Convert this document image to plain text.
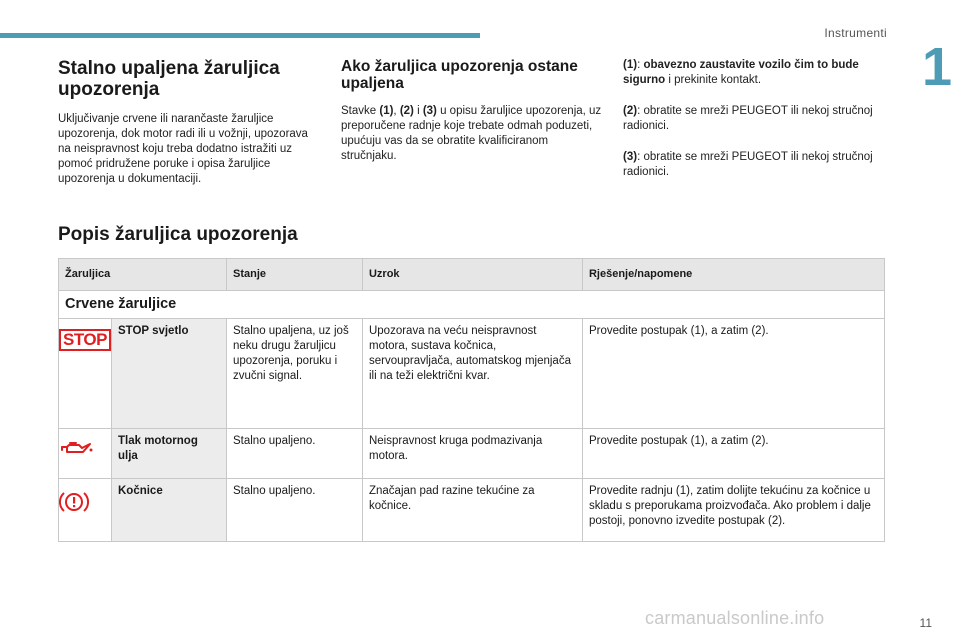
Instrumenti
1
Stalno upaljena žaruljica upozorenja

Uključivanje crvene ili narančaste žaruljice upozorenja, dok motor radi ili u vožnji, upozorava na neispravnost koju treba dodatno istražiti uz pomoć pridružene poruke i opisa žaruljice upozorenja u dokumentaciji.

Ako žaruljica upozorenja ostane upaljena

Stavke (1), (2) i (3) u opisu žaruljice upozorenja, uz preporučene radnje koje trebate odmah poduzeti, upućuju vas da se obratite kvalificiranom stručnjaku.

(1): obavezno zaustavite vozilo čim to bude sigurno i prekinite kontakt.

(2): obratite se mreži PEUGEOT ili nekoj stručnoj radionici.

(3): obratite se mreži PEUGEOT ili nekoj stručnoj radionici.

Popis žaruljica upozorenja
Žaruljica		Stanje	Uzrok	Rješenje/napomene
Crvene žaruljice				
STOP	STOP svjetlo	Stalno upaljena, uz još neku drugu žaruljicu upozorenja, poruku i zvučni signal.	Upozorava na veću neispravnost motora, sustava kočnica, servoupravljača, automatskog mjenjača ili na teži električni kvar.	Provedite postupak (1), a zatim (2).
	Tlak motornog ulja	Stalno upaljeno.	Neispravnost kruga podmazivanja motora.	Provedite postupak (1), a zatim (2).
	Kočnice	Stalno upaljeno.	Značajan pad razine tekućine za kočnice.	Provedite radnju (1), zatim dolijte tekućinu za kočnice u skladu s preporukama proizvođača. Ako problem i dalje postoji, ponovno izvedite postupak (2).
carmanualsonline.info	11
